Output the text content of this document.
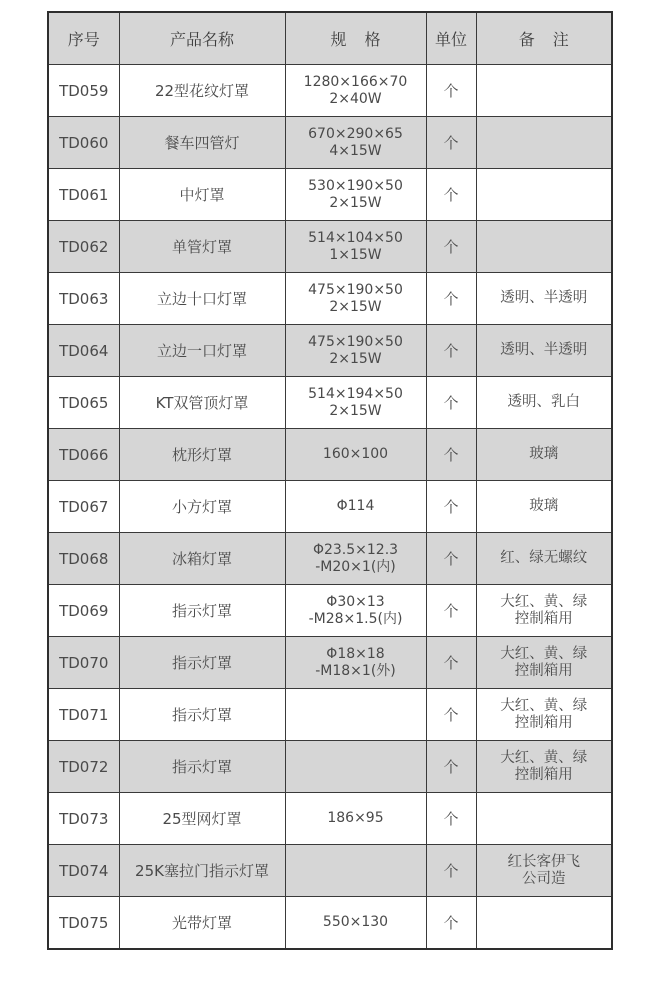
序号	产品名称	规格	单位	备注
TD059	22型花纹灯罩	1280×166×70
2×40W	个	
TD060	餐车四管灯	670×290×65
4×15W	个	
TD061	中灯罩	530×190×50
2×15W	个	
TD062	单管灯罩	514×104×50
1×15W	个	
TD063	立边十口灯罩	475×190×50
2×15W	个	透明、半透明

TD064	立边一口灯罩	475×190×50
2×15W	个	透明、半透明

TD065	KT双管顶灯罩	514×194×50
2×15W	个	透明、乳白

TD066	枕形灯罩	160×100	个	玻璃

TD067	小方灯罩	Φ114	个	玻璃

TD068	冰箱灯罩	Φ23.5×12.3
-M20×1(内)	个	红、绿无螺纹

TD069	指示灯罩	Φ30×13
-M28×1.5(内)	个	大红、黄、绿
控制箱用

TD070	指示灯罩	Φ18×18
-M18×1(外)	个	大红、黄、绿
控制箱用

TD071	指示灯罩		个	大红、黄、绿
控制箱用

TD072	指示灯罩		个	大红、黄、绿
控制箱用

TD073	25型网灯罩	186×95	个	
TD074	25K塞拉门指示灯罩		个	红长客伊飞
公司造

TD075	光带灯罩	550×130	个	
